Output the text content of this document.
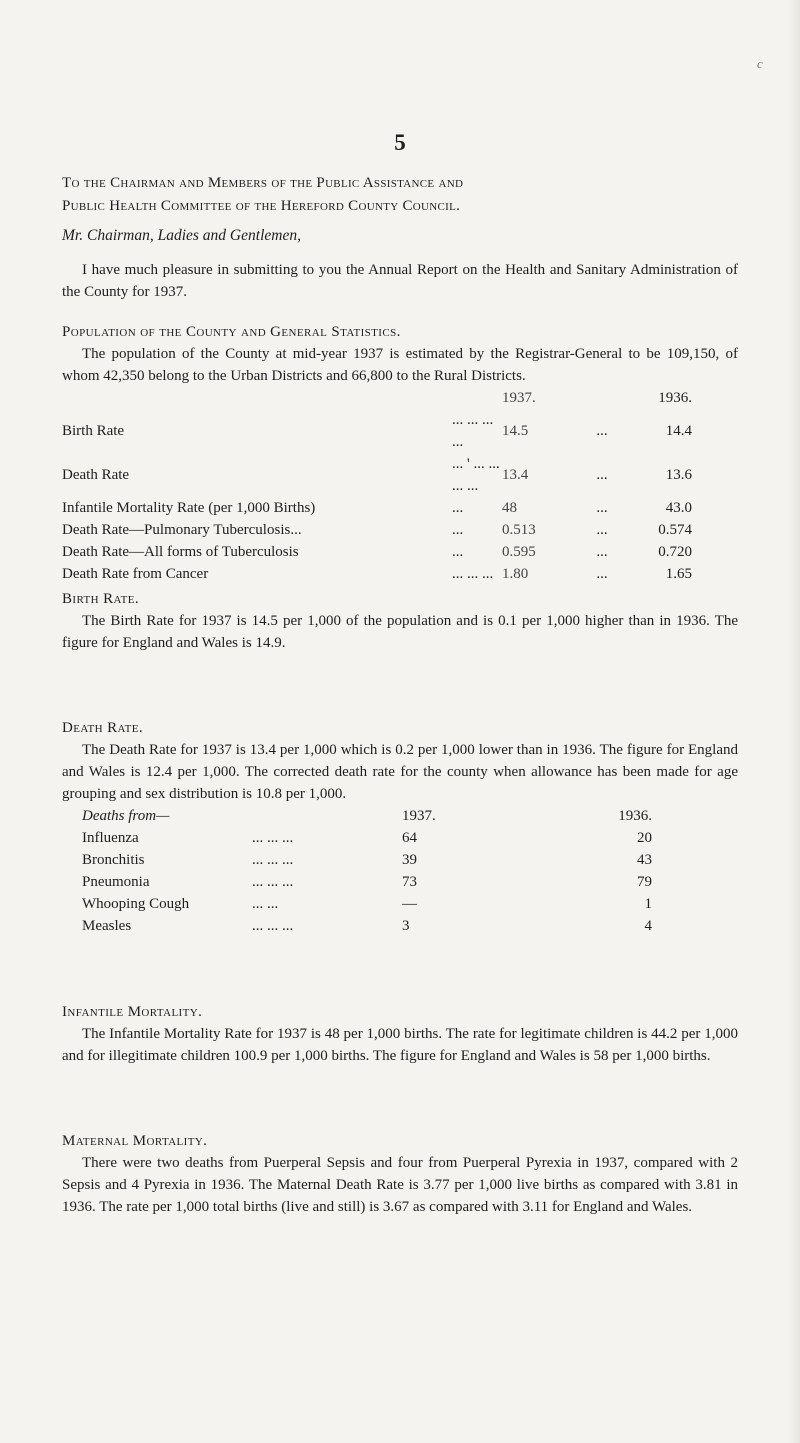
c
5
To the Chairman and Members of the Public Assistance and
Public Health Committee of the Hereford County Council.
Mr. Chairman, Ladies and Gentlemen,

I have much pleasure in submitting to you the Annual Report on the Health and Sanitary Administration of the County for 1937.

Population of the County and General Statistics.

The population of the County at mid-year 1937 is estimated by the Registrar-General to be 109,150, of whom 42,350 belong to the Urban Districts and 66,800 to the Rural Districts.

		1937.		1936.
Birth Rate	... ... ... ...	14.5	...	14.4
Death Rate	... ' ... ... ... ...	13.4	...	13.6
Infantile Mortality Rate (per 1,000 Births)	...	48	...	43.0
Death Rate—Pulmonary Tuberculosis...	...	0.513	...	0.574
Death Rate—All forms of Tuberculosis	...	0.595	...	0.720
Death Rate from Cancer	... ... ...	1.80	...	1.65
Birth Rate.

The Birth Rate for 1937 is 14.5 per 1,000 of the population and is 0.1 per 1,000 higher than in 1936. The figure for England and Wales is 14.9.

Death Rate.

The Death Rate for 1937 is 13.4 per 1,000 which is 0.2 per 1,000 lower than in 1936. The figure for England and Wales is 12.4 per 1,000. The corrected death rate for the county when allowance has been made for age grouping and sex distribution is 10.8 per 1,000.

Deaths from—		1937.	1936.
Influenza	... ... ...	64	20
Bronchitis	... ... ...	39	43
Pneumonia	... ... ...	73	79
Whooping Cough	... ...	—	1
Measles	... ... ...	3	4
Infantile Mortality.

The Infantile Mortality Rate for 1937 is 48 per 1,000 births. The rate for legitimate children is 44.2 per 1,000 and for illegitimate children 100.9 per 1,000 births. The figure for England and Wales is 58 per 1,000 births.

Maternal Mortality.

There were two deaths from Puerperal Sepsis and four from Puerperal Pyrexia in 1937, compared with 2 Sepsis and 4 Pyrexia in 1936. The Maternal Death Rate is 3.77 per 1,000 live births as compared with 3.81 in 1936. The rate per 1,000 total births (live and still) is 3.67 as compared with 3.11 for England and Wales.
